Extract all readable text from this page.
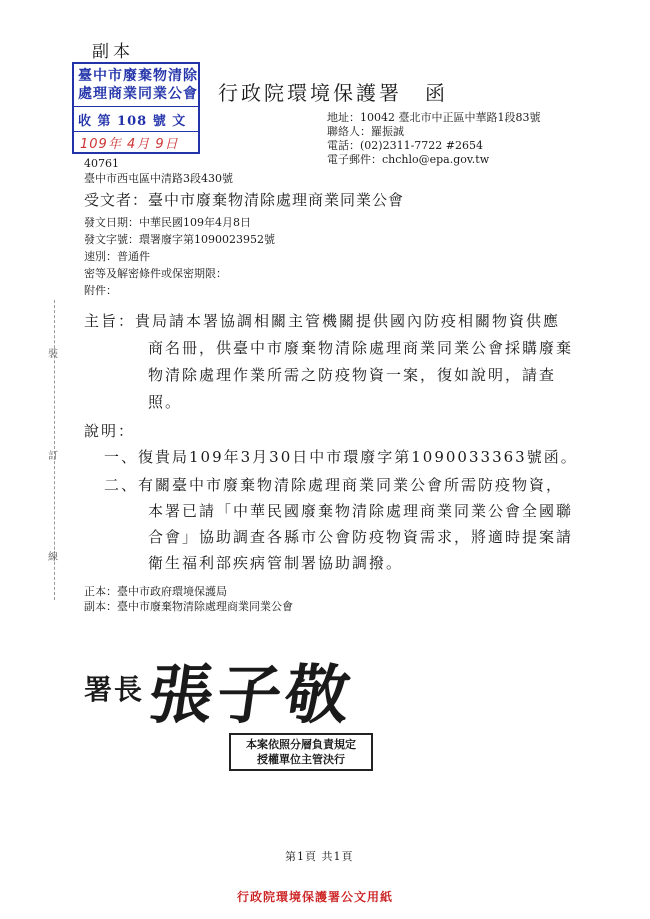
副本
臺中市廢棄物清除
處理商業同業公會
收 第 108 號 文
109年 4月 9日
行政院環境保護署　函
地址：10042 臺北市中正區中華路1段83號
聯絡人：羅振誠
電話：(02)2311-7722 #2654
電子郵件：chchlo@epa.gov.tw
40761
臺中市西屯區中清路3段430號
受文者：臺中市廢棄物清除處理商業同業公會
發文日期：中華民國109年4月8日
發文字號：環署廢字第1090023952號
速別：普通件
密等及解密條件或保密期限：
附件：
主旨：貴局請本署協調相關主管機關提供國內防疫相關物資供應
商名冊，供臺中市廢棄物清除處理商業同業公會採購廢棄
物清除處理作業所需之防疫物資一案，復如說明，請查
照。
說明：
一、復貴局109年3月30日中市環廢字第1090033363號函。
二、有關臺中市廢棄物清除處理商業同業公會所需防疫物資，
本署已請「中華民國廢棄物清除處理商業同業公會全國聯
合會」協助調查各縣市公會防疫物資需求，將適時提案請
衛生福利部疾病管制署協助調撥。
裝
訂
線
正本：臺中市政府環境保護局
副本：臺中市廢棄物清除處理商業同業公會
署長 張子敬
本案依照分層負責規定
授權單位主管決行
第1頁 共1頁
行政院環境保護署公文用紙
